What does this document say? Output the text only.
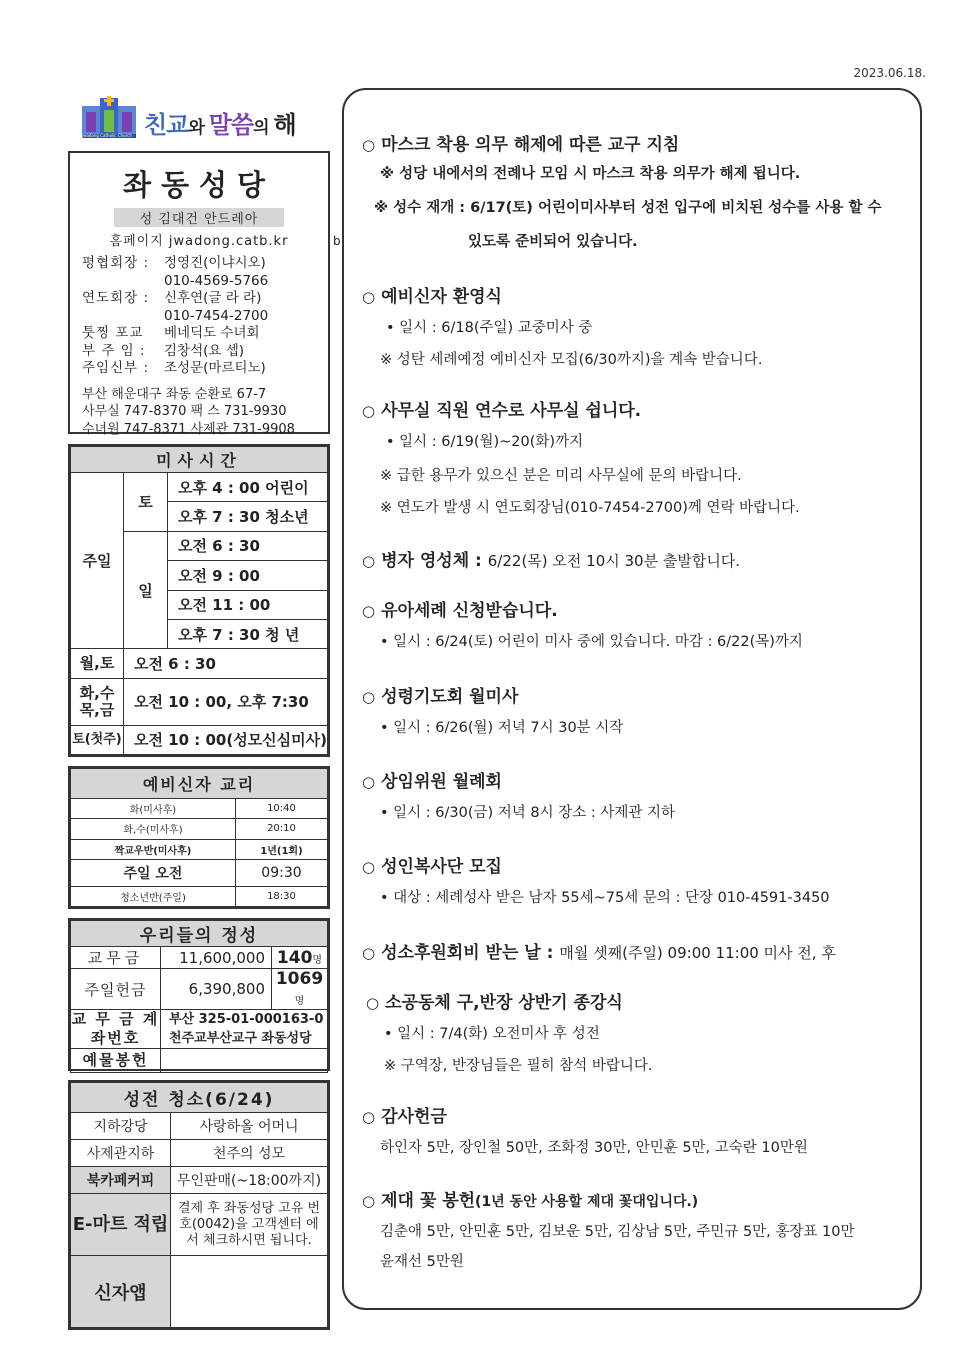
2023.06.18.
친교와 말씀의 해
Jwadong Catholic Church
좌동성당
성 김대건 안드레아
홈페이지 jwadong.catb.kr
평협회장 :	정영진(이냐시오)
010-4569-5766
연도회장 :	신후연(글 라 라)
010-7454-2700
툿찡 포교	베네딕도 수녀회
부 주 임 :	김창석(요 셉)
주임신부 :	조성문(마르티노)
부산 해운대구 좌동 순환로 67-7
사무실 747-8370 팩 스 731-9930
수녀원 747-8371 사제관 731-9908
미사시간		
주일	토	오후 4 : 00 어린이
		오후 7 : 30 청소년
	일	오전 6 : 30
		오전 9 : 00
		오전 11 : 00
		오후 7 : 30 청 년
월,토	오전 6 : 30	
화,수 목,금	오전 10 : 00, 오후 7:30	
토(첫주)	오전 10 : 00(성모신심미사)	
예비신자 교리	
화(미사후)	10:40
화,수(미사후)	20:10
짝교우반(미사후)	1년(1회)
주일 오전	09:30
청소년반(주일)	18:30
우리들의 정성		
교무금	11,600,000	140명
주일헌금	6,390,800	1069명
교 무 금 계좌번호	부산 325-01-000163-0
천주교부산교구 좌동성당	

예물봉헌		
성전 청소(6/24)	
지하강당	사랑하올 어머니
사제관지하	천주의 성모
북카페커피	무인판매(~18:00까지)
E-마트 적립	결제 후 좌동성당 고유 번호(0042)을 고객센터 에서 체크하시면 됩니다.
신자앱	
b
○ 마스크 착용 의무 해제에 따른 교구 지침
※ 성당 내에서의 전례나 모임 시 마스크 착용 의무가 해제 됩니다.
※ 성수 재개 : 6/17(토) 어린이미사부터 성전 입구에 비치된 성수를 사용 할 수
있도록 준비되어 있습니다.
○ 예비신자 환영식
• 일시 : 6/18(주일) 교중미사 중
※ 성탄 세례예정 예비신자 모집(6/30까지)을 계속 받습니다.
○ 사무실 직원 연수로 사무실 쉽니다.
• 일시 : 6/19(월)~20(화)까지
※ 급한 용무가 있으신 분은 미리 사무실에 문의 바랍니다.
※ 연도가 발생 시 연도회장님(010-7454-2700)께 연락 바랍니다.
○ 병자 영성체 : 6/22(목) 오전 10시 30분 출발합니다.
○ 유아세례 신청받습니다.
• 일시 : 6/24(토) 어린이 미사 중에 있습니다. 마감 : 6/22(목)까지
○ 성령기도회 월미사
• 일시 : 6/26(월) 저녁 7시 30분 시작
○ 상임위원 월례회
• 일시 : 6/30(금) 저녁 8시 장소 : 사제관 지하
○ 성인복사단 모집
• 대상 : 세례성사 받은 남자 55세~75세 문의 : 단장 010-4591-3450
○ 성소후원회비 받는 날 : 매월 셋째(주일) 09:00 11:00 미사 전, 후
○ 소공동체 구,반장 상반기 종강식
• 일시 : 7/4(화) 오전미사 후 성전
※ 구역장, 반장님들은 필히 참석 바랍니다.
○ 감사헌금
하인자 5만, 장인철 50만, 조화정 30만, 안민훈 5만, 고숙란 10만원
○ 제대 꽃 봉헌(1년 동안 사용할 제대 꽃대입니다.)
김춘애 5만, 안민훈 5만, 김보운 5만, 김상남 5만, 주민규 5만, 홍장표 10만
윤재선 5만원
